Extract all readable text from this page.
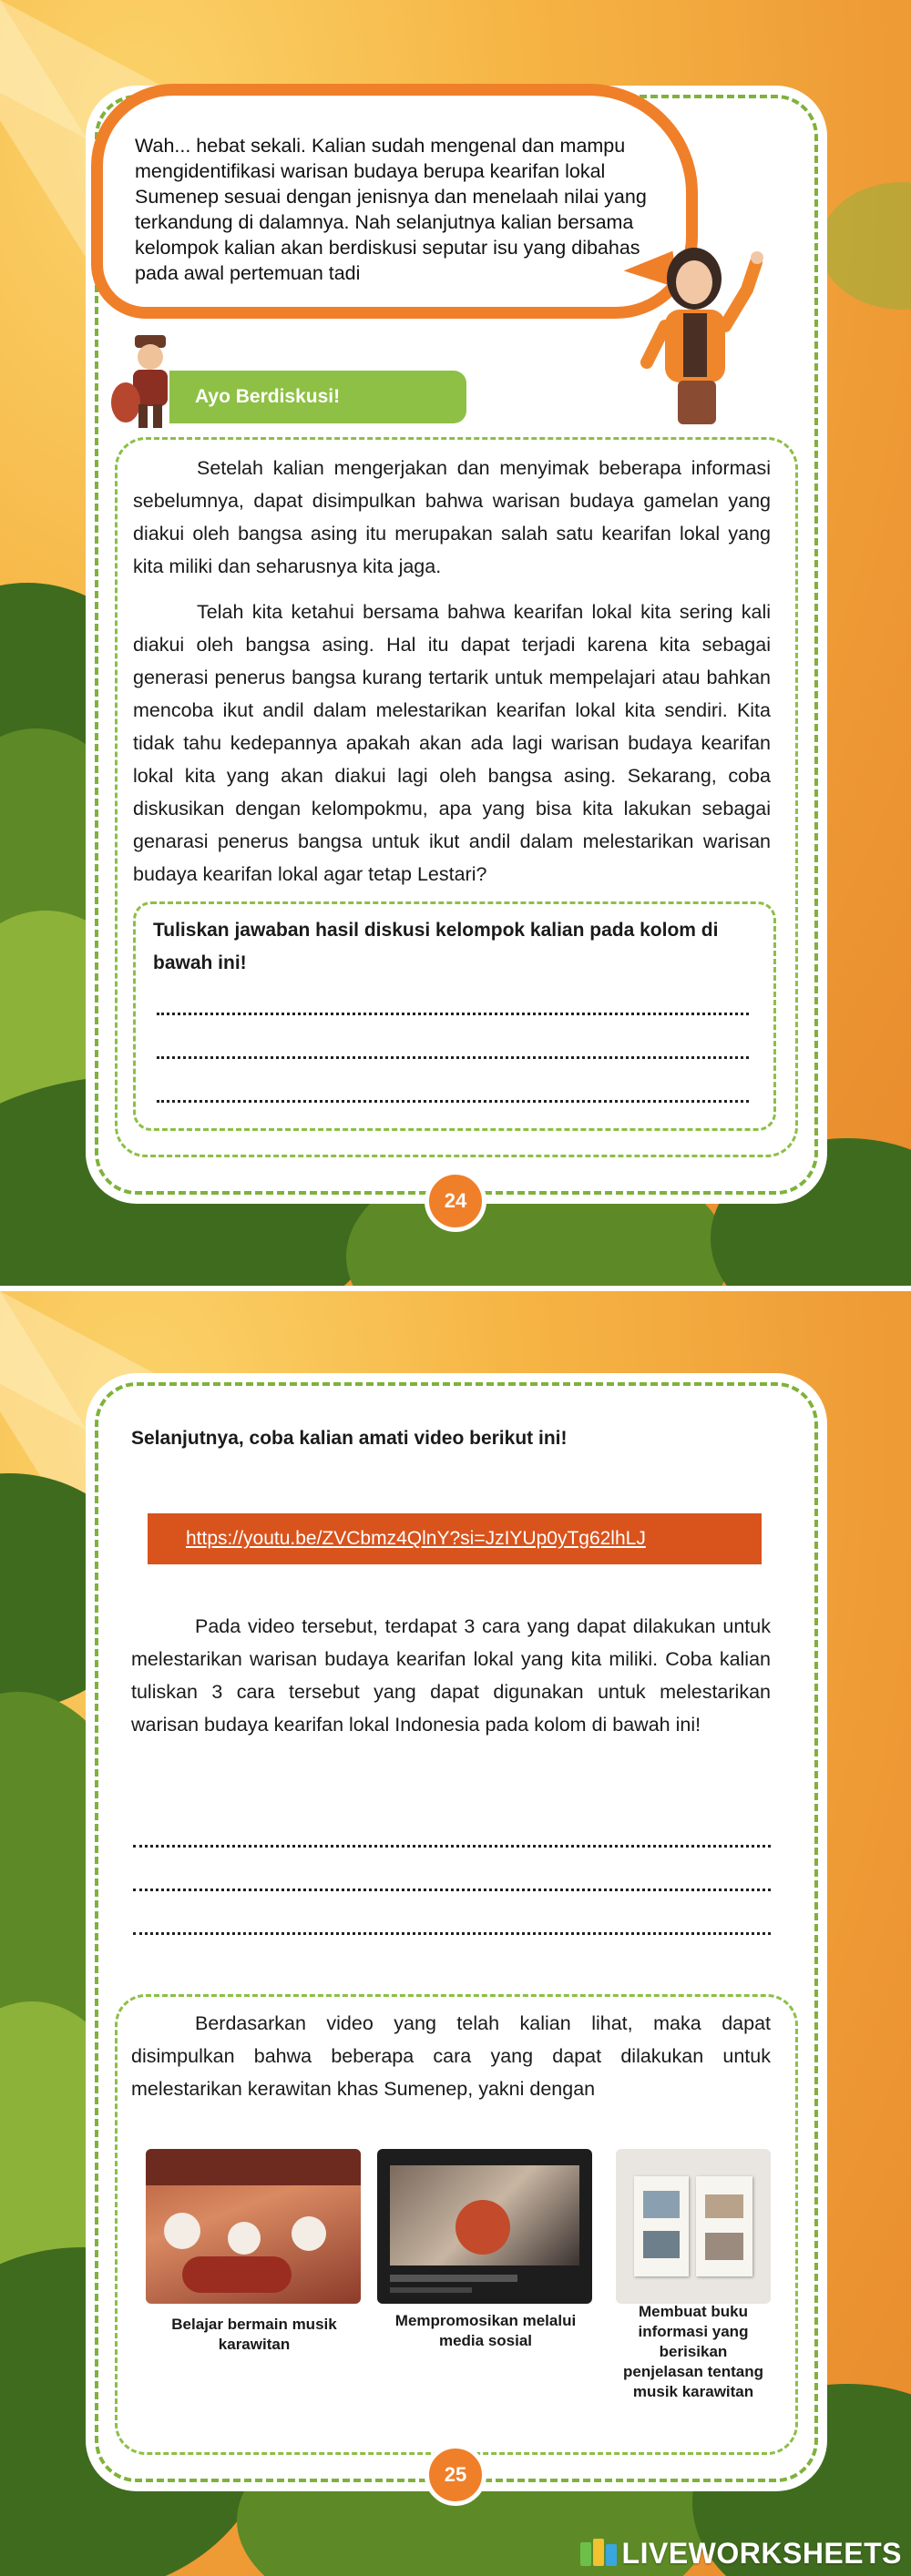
Wah... hebat sekali. Kalian sudah mengenal dan mampu mengidentifikasi warisan budaya berupa kearifan lokal Sumenep sesuai dengan jenisnya dan menelaah nilai yang terkandung di dalamnya. Nah selanjutnya kalian bersama kelompok kalian akan berdiskusi seputar isu yang dibahas pada awal pertemuan tadi
Ayo Berdiskusi!

Setelah kalian mengerjakan dan menyimak beberapa informasi sebelumnya, dapat disimpulkan bahwa warisan budaya gamelan yang diakui oleh bangsa asing itu merupakan salah satu kearifan lokal yang kita miliki dan seharusnya kita jaga.

Telah kita ketahui bersama bahwa kearifan lokal kita sering kali diakui oleh bangsa asing. Hal itu dapat terjadi karena kita sebagai generasi penerus bangsa kurang tertarik untuk mempelajari atau bahkan mencoba ikut andil dalam melestarikan kearifan lokal kita sendiri. Kita tidak tahu kedepannya apakah akan ada lagi warisan budaya kearifan lokal kita yang akan diakui lagi oleh bangsa asing. Sekarang, coba diskusikan dengan kelompokmu, apa yang bisa kita lakukan sebagai genarasi penerus bangsa untuk ikut andil dalam melestarikan warisan budaya kearifan lokal agar tetap Lestari?

Tuliskan jawaban hasil diskusi kelompok kalian pada kolom di bawah ini!
24
Selanjutnya, coba kalian amati video berikut ini!
https://youtu.be/ZVCbmz4QlnY?si=JzIYUp0yTg62lhLJ

Pada video tersebut, terdapat 3 cara yang dapat dilakukan untuk melestarikan warisan budaya kearifan lokal yang kita miliki. Coba kalian tuliskan 3 cara tersebut yang dapat digunakan untuk melestarikan warisan budaya kearifan lokal Indonesia pada kolom di bawah ini!

Berdasarkan video yang telah kalian lihat, maka dapat disimpulkan bahwa beberapa cara yang dapat dilakukan untuk melestarikan kerawitan khas Sumenep, yakni dengan

Belajar bermain musik karawitan
Mempromosikan melalui media sosial
Membuat buku informasi yang berisikan penjelasan tentang musik karawitan
25
LIVEWORKSHEETS
